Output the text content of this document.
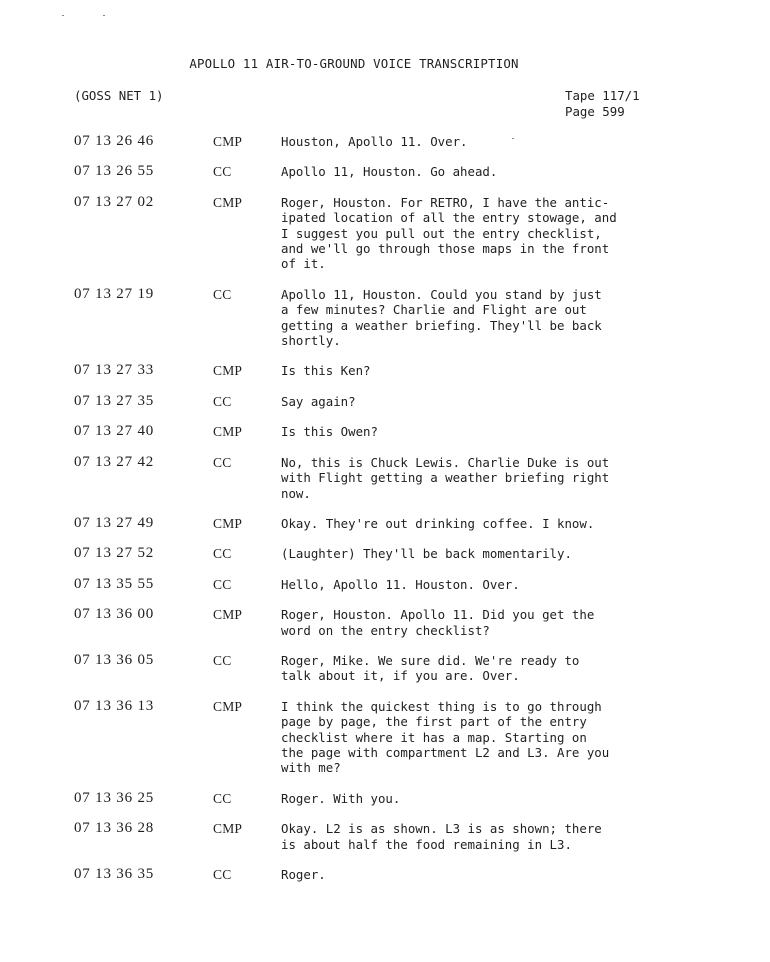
APOLLO 11 AIR-TO-GROUND VOICE TRANSCRIPTION
(GOSS NET 1)	Tape 117/1
Page 599
07 13 26 46	CMP	Houston, Apollo 11. Over.
07 13 26 55	CC	Apollo 11, Houston. Go ahead.
07 13 27 02	CMP	Roger, Houston. For RETRO, I have the antic-
ipated location of all the entry stowage, and
I suggest you pull out the entry checklist,
and we'll go through those maps in the front
of it.
07 13 27 19	CC	Apollo 11, Houston. Could you stand by just
a few minutes? Charlie and Flight are out
getting a weather briefing. They'll be back
shortly.
07 13 27 33	CMP	Is this Ken?
07 13 27 35	CC	Say again?
07 13 27 40	CMP	Is this Owen?
07 13 27 42	CC	No, this is Chuck Lewis. Charlie Duke is out
with Flight getting a weather briefing right
now.
07 13 27 49	CMP	Okay. They're out drinking coffee. I know.
07 13 27 52	CC	(Laughter) They'll be back momentarily.
07 13 35 55	CC	Hello, Apollo 11. Houston. Over.
07 13 36 00	CMP	Roger, Houston. Apollo 11. Did you get the
word on the entry checklist?
07 13 36 05	CC	Roger, Mike. We sure did. We're ready to
talk about it, if you are. Over.
07 13 36 13	CMP	I think the quickest thing is to go through
page by page, the first part of the entry
checklist where it has a map. Starting on
the page with compartment L2 and L3. Are you
with me?
07 13 36 25	CC	Roger. With you.
07 13 36 28	CMP	Okay. L2 is as shown. L3 is as shown; there
is about half the food remaining in L3.
07 13 36 35	CC	Roger.
